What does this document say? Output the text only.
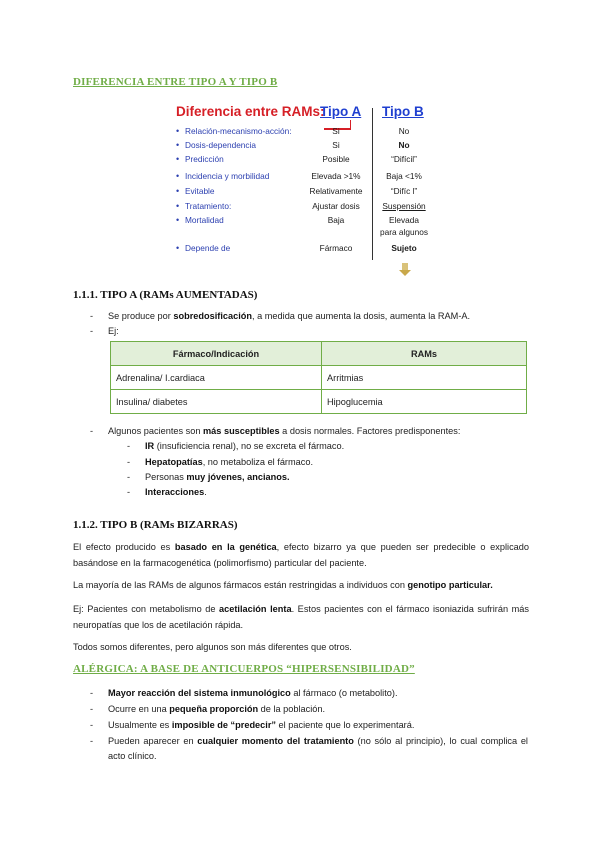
DIFERENCIA ENTRE TIPO A Y TIPO B
Diferencia entre RAMs:
Tipo A Tipo B
• Relación-mecanismo-acción:	Si	No
• Dosis-dependencia	Si	No
• Predicción	Posible	“Difícil”
• Incidencia y morbilidad	Elevada >1%	Baja <1%
• Evitable	Relativamente	“Difíc l”
• Tratamiento:	Ajustar dosis	Suspensión
• Mortalidad	Baja	Elevada
para algunos
• Depende de	Fármaco	Sujeto
1.1.1. TIPO A (RAMs AUMENTADAS)
- Se produce por sobredosificación, a medida que aumenta la dosis, aumenta la RAM-A.
- Ej:
Fármaco/Indicación	RAMs
Adrenalina/ I.cardiaca	Arritmias
Insulina/ diabetes	Hipoglucemia
- Algunos pacientes son más susceptibles a dosis normales. Factores predisponentes:
- IR (insuficiencia renal), no se excreta el fármaco.
- Hepatopatías, no metaboliza el fármaco.
- Personas muy jóvenes, ancianos.
- Interacciones.
1.1.2. TIPO B (RAMs BIZARRAS)
El efecto producido es basado en la genética, efecto bizarro ya que pueden ser predecible o explicado basándose en la farmacogenética (polimorfismo) particular del paciente.
La mayoría de las RAMs de algunos fármacos están restringidas a individuos con genotipo particular.
Ej: Pacientes con metabolismo de acetilación lenta. Estos pacientes con el fármaco isoniazida sufrirán más neuropatías que los de acetilación rápida.
Todos somos diferentes, pero algunos son más diferentes que otros.
ALÉRGICA: A BASE DE ANTICUERPOS “HIPERSENSIBILIDAD”
- Mayor reacción del sistema inmunológico al fármaco (o metabolito).
- Ocurre en una pequeña proporción de la población.
- Usualmente es imposible de “predecir” el paciente que lo experimentará.
- Pueden aparecer en cualquier momento del tratamiento (no sólo al principio), lo cual complica el acto clínico.
